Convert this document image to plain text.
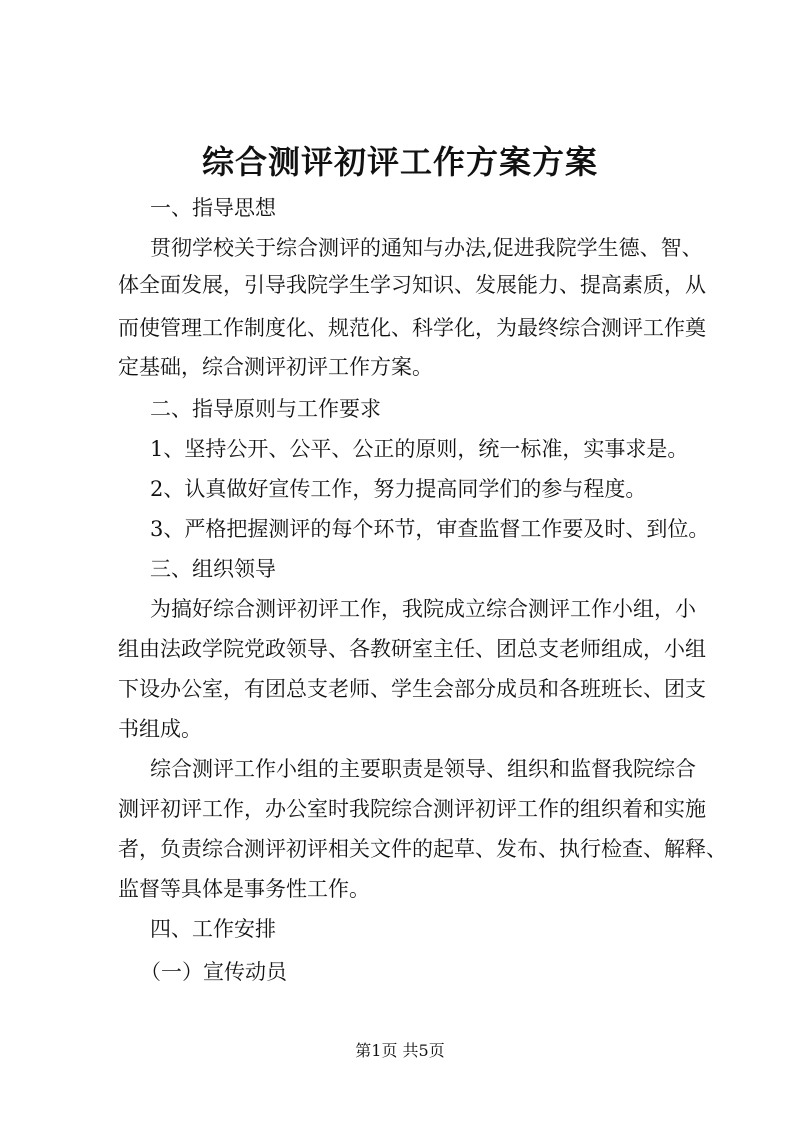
综合测评初评工作方案方案
一、指导思想
贯彻学校关于综合测评的通知与办法,促进我院学生德、智、
体全面发展，引导我院学生学习知识、发展能力、提高素质，从
而使管理工作制度化、规范化、科学化，为最终综合测评工作奠
定基础，综合测评初评工作方案。
二、指导原则与工作要求
1、坚持公开、公平、公正的原则，统一标准，实事求是。
2、认真做好宣传工作，努力提高同学们的参与程度。
3、严格把握测评的每个环节，审查监督工作要及时、到位。
三、组织领导
为搞好综合测评初评工作，我院成立综合测评工作小组，小
组由法政学院党政领导、各教研室主任、团总支老师组成，小组
下设办公室，有团总支老师、学生会部分成员和各班班长、团支
书组成。
综合测评工作小组的主要职责是领导、组织和监督我院综合
测评初评工作，办公室时我院综合测评初评工作的组织着和实施
者，负责综合测评初评相关文件的起草、发布、执行检查、解释、
监督等具体是事务性工作。
四、工作安排
（一）宣传动员
第1页 共5页
